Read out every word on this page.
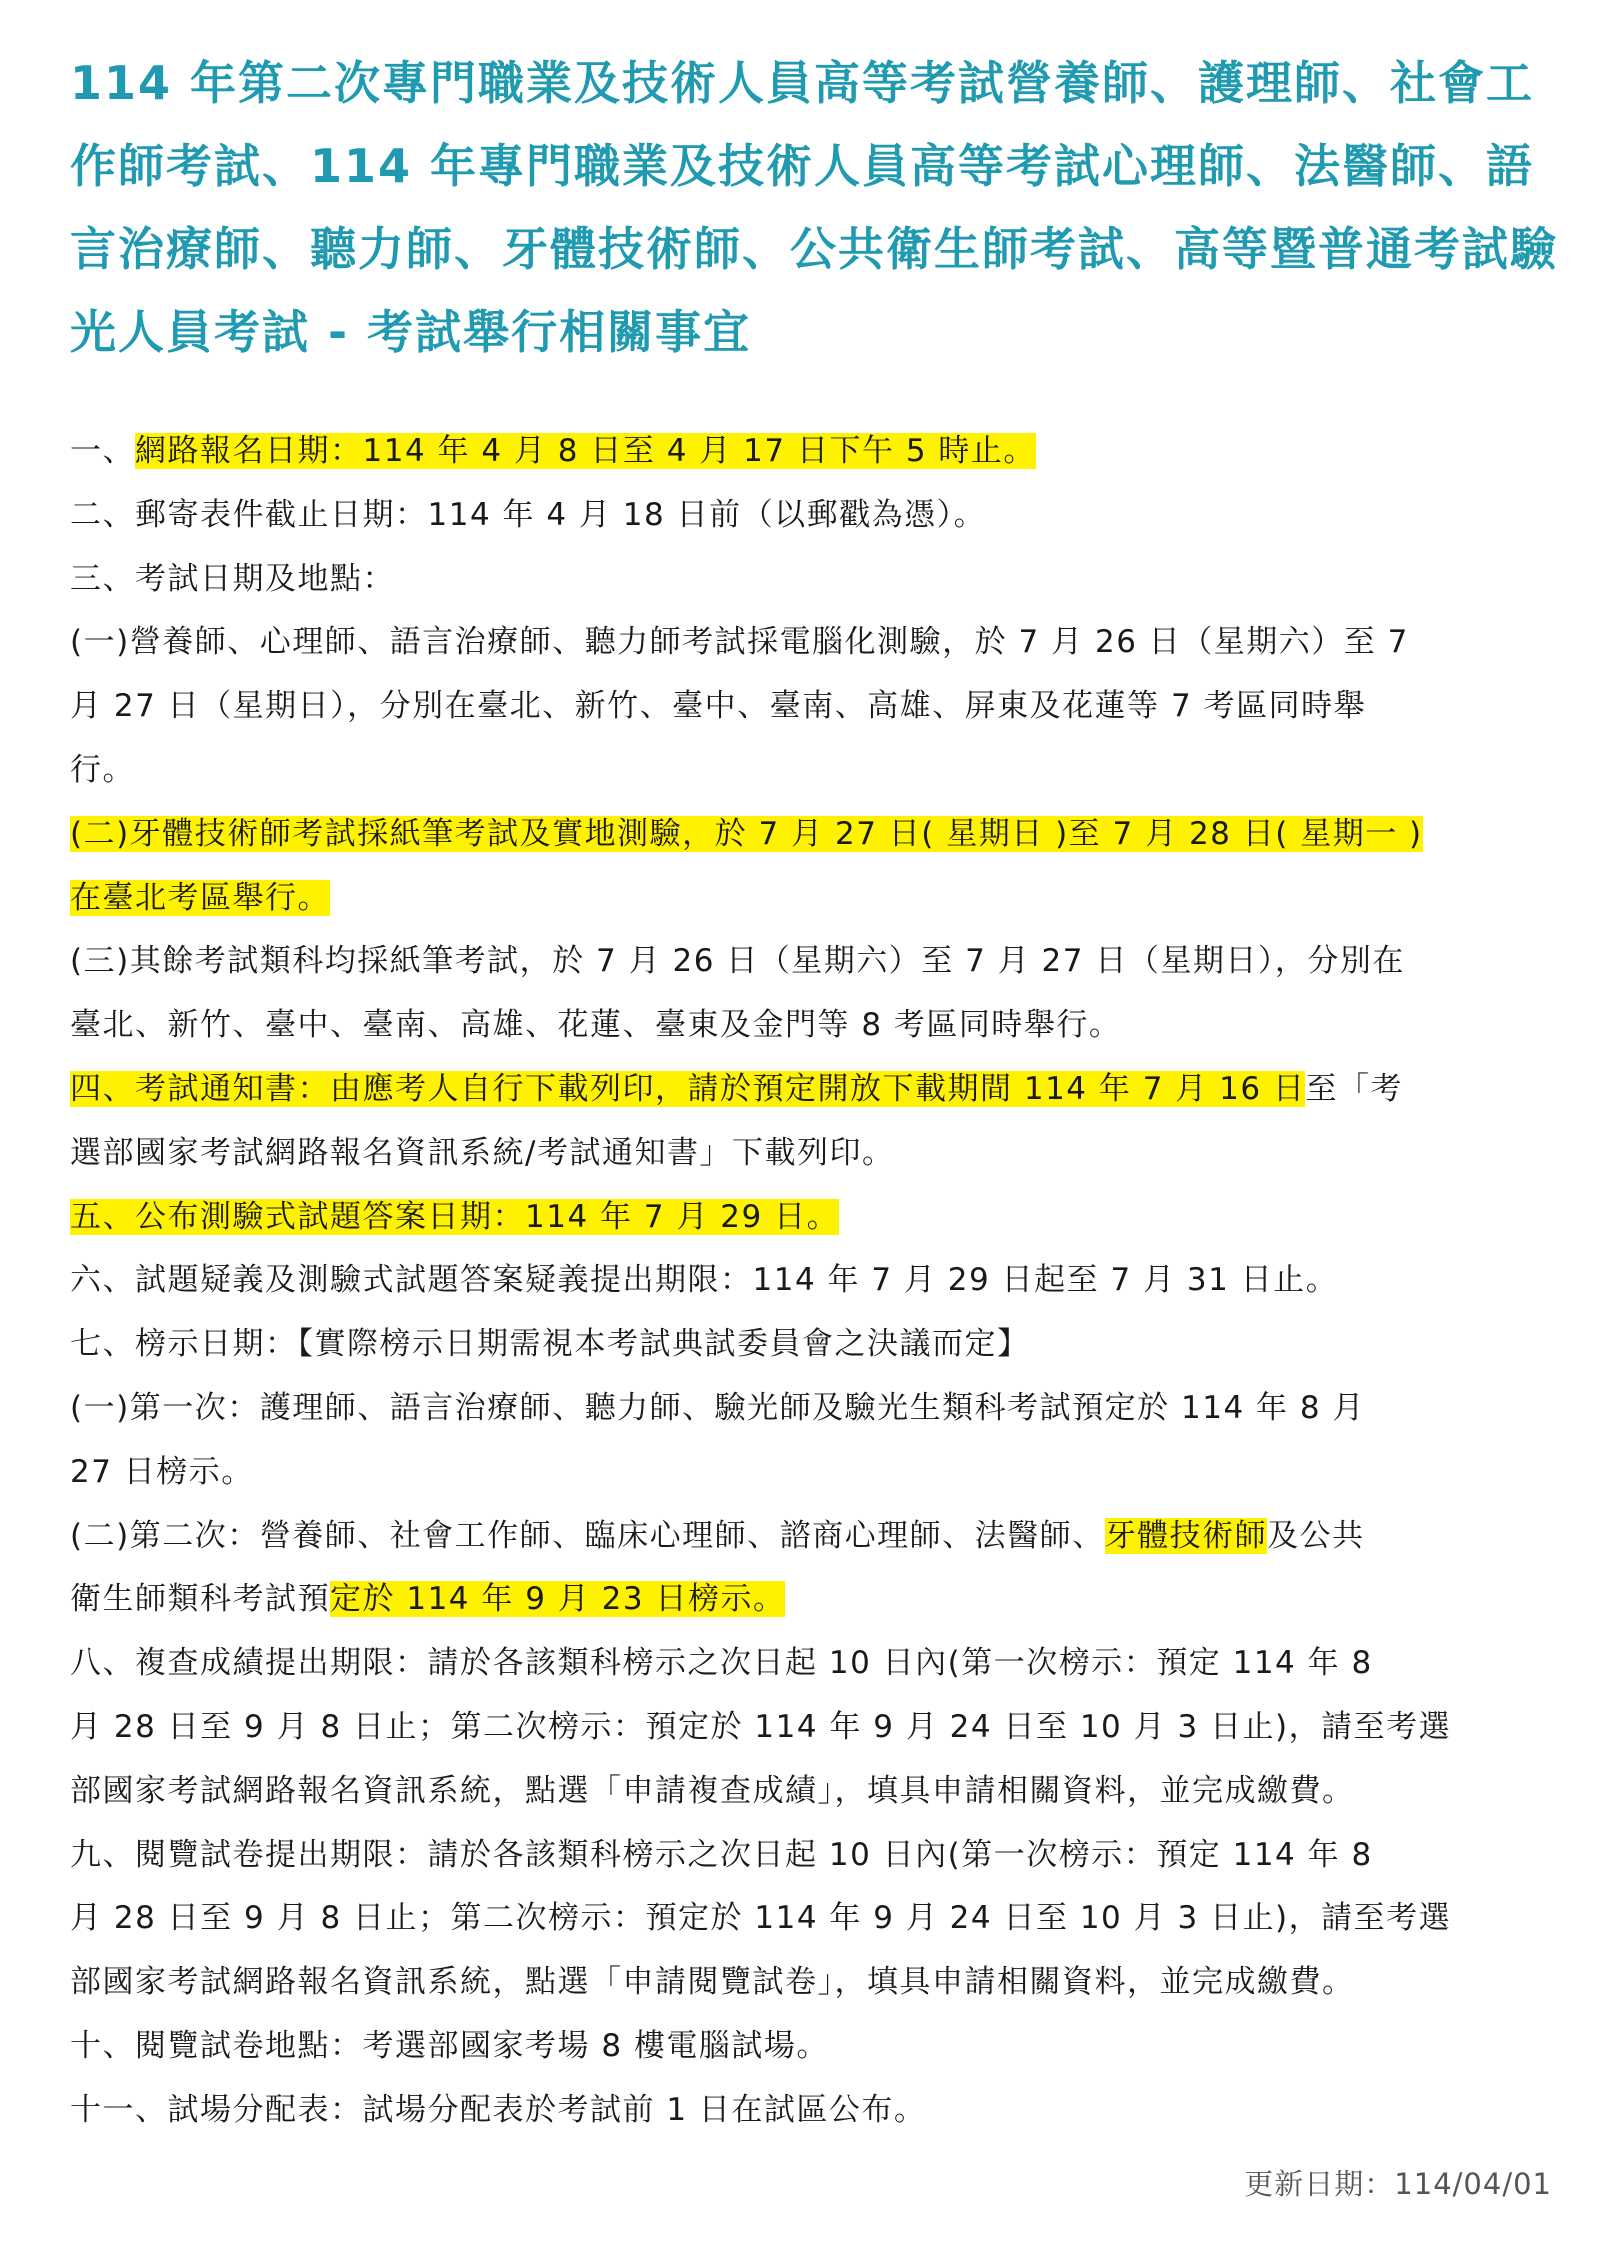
114 年第二次專門職業及技術人員高等考試營養師、護理師、社會工作師考試、114 年專門職業及技術人員高等考試心理師、法醫師、語言治療師、聽力師、牙體技術師、公共衛生師考試、高等暨普通考試驗光人員考試 - 考試舉行相關事宜
一、網路報名日期：114 年 4 月 8 日至 4 月 17 日下午 5 時止。
二、郵寄表件截止日期：114 年 4 月 18 日前（以郵戳為憑）。
三、考試日期及地點：
(一)營養師、心理師、語言治療師、聽力師考試採電腦化測驗，於 7 月 26 日（星期六）至 7
月 27 日（星期日），分別在臺北、新竹、臺中、臺南、高雄、屏東及花蓮等 7 考區同時舉
行。
(二)牙體技術師考試採紙筆考試及實地測驗，於 7 月 27 日( 星期日 )至 7 月 28 日( 星期一 )
在臺北考區舉行。
(三)其餘考試類科均採紙筆考試，於 7 月 26 日（星期六）至 7 月 27 日（星期日），分別在
臺北、新竹、臺中、臺南、高雄、花蓮、臺東及金門等 8 考區同時舉行。
四、考試通知書：由應考人自行下載列印，請於預定開放下載期間 114 年 7 月 16 日至「考
選部國家考試網路報名資訊系統/考試通知書」下載列印。
五、公布測驗式試題答案日期：114 年 7 月 29 日。
六、試題疑義及測驗式試題答案疑義提出期限：114 年 7 月 29 日起至 7 月 31 日止。
七、榜示日期：【實際榜示日期需視本考試典試委員會之決議而定】
(一)第一次：護理師、語言治療師、聽力師、驗光師及驗光生類科考試預定於 114 年 8 月
27 日榜示。
(二)第二次：營養師、社會工作師、臨床心理師、諮商心理師、法醫師、牙體技術師及公共
衛生師類科考試預定於 114 年 9 月 23 日榜示。
八、複查成績提出期限：請於各該類科榜示之次日起 10 日內(第一次榜示：預定 114 年 8
月 28 日至 9 月 8 日止；第二次榜示：預定於 114 年 9 月 24 日至 10 月 3 日止)，請至考選
部國家考試網路報名資訊系統，點選「申請複查成績」，填具申請相關資料，並完成繳費。
九、閱覽試卷提出期限：請於各該類科榜示之次日起 10 日內(第一次榜示：預定 114 年 8
月 28 日至 9 月 8 日止；第二次榜示：預定於 114 年 9 月 24 日至 10 月 3 日止)，請至考選
部國家考試網路報名資訊系統，點選「申請閱覽試卷」，填具申請相關資料，並完成繳費。
十、閱覽試卷地點：考選部國家考場 8 樓電腦試場。
十一、試場分配表：試場分配表於考試前 1 日在試區公布。
更新日期：114/04/01
